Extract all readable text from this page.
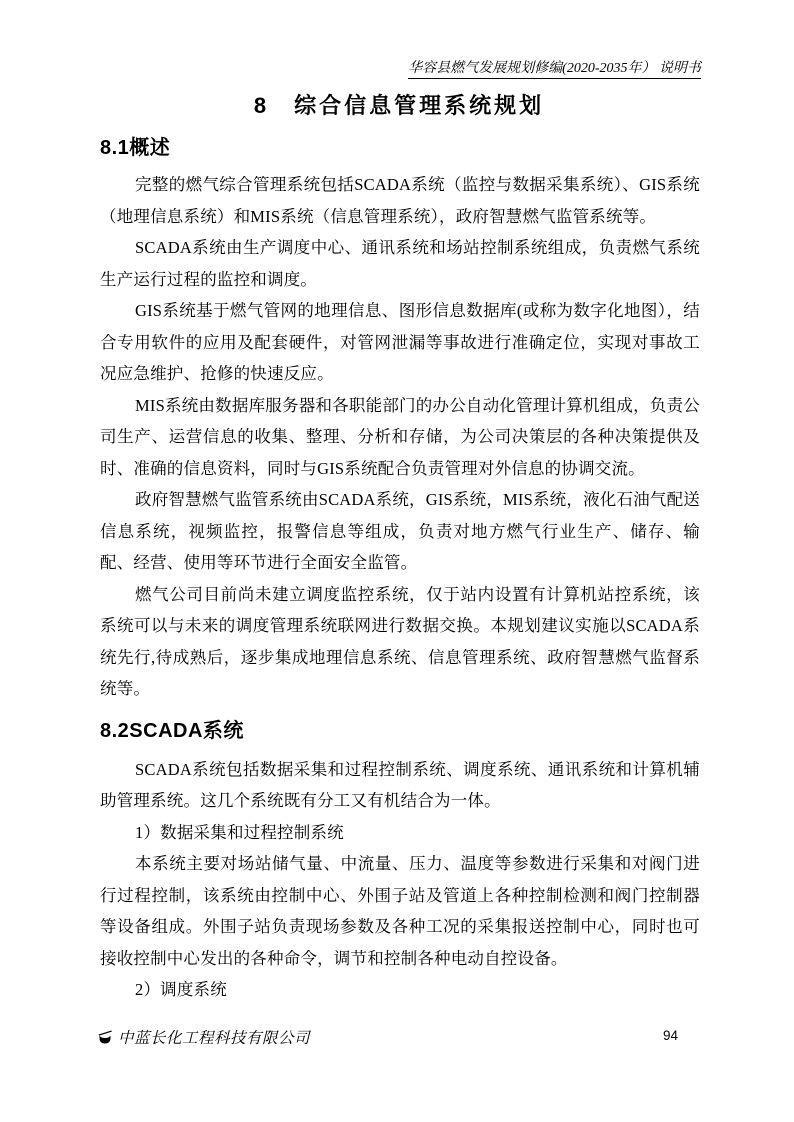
华容县燃气发展规划修编(2020-2035年） 说明书
8　综合信息管理系统规划
8.1概述

完整的燃气综合管理系统包括SCADA系统（监控与数据采集系统）、GIS系统（地理信息系统）和MIS系统（信息管理系统），政府智慧燃气监管系统等。

SCADA系统由生产调度中心、通讯系统和场站控制系统组成，负责燃气系统生产运行过程的监控和调度。

GIS系统基于燃气管网的地理信息、图形信息数据库(或称为数字化地图），结合专用软件的应用及配套硬件，对管网泄漏等事故进行准确定位，实现对事故工况应急维护、抢修的快速反应。

MIS系统由数据库服务器和各职能部门的办公自动化管理计算机组成，负责公司生产、运营信息的收集、整理、分析和存储，为公司决策层的各种决策提供及时、准确的信息资料，同时与GIS系统配合负责管理对外信息的协调交流。

政府智慧燃气监管系统由SCADA系统，GIS系统，MIS系统，液化石油气配送信息系统，视频监控，报警信息等组成，负责对地方燃气行业生产、储存、输配、经营、使用等环节进行全面安全监管。

燃气公司目前尚未建立调度监控系统，仅于站内设置有计算机站控系统，该系统可以与未来的调度管理系统联网进行数据交换。本规划建议实施以SCADA系统先行,待成熟后，逐步集成地理信息系统、信息管理系统、政府智慧燃气监督系统等。

8.2SCADA系统

SCADA系统包括数据采集和过程控制系统、调度系统、通讯系统和计算机辅助管理系统。这几个系统既有分工又有机结合为一体。

1）数据采集和过程控制系统

本系统主要对场站储气量、中流量、压力、温度等参数进行采集和对阀门进行过程控制，该系统由控制中心、外围子站及管道上各种控制检测和阀门控制器等设备组成。外围子站负责现场参数及各种工况的采集报送控制中心，同时也可接收控制中心发出的各种命令，调节和控制各种电动自控设备。

2）调度系统

中蓝长化工程科技有限公司	94
